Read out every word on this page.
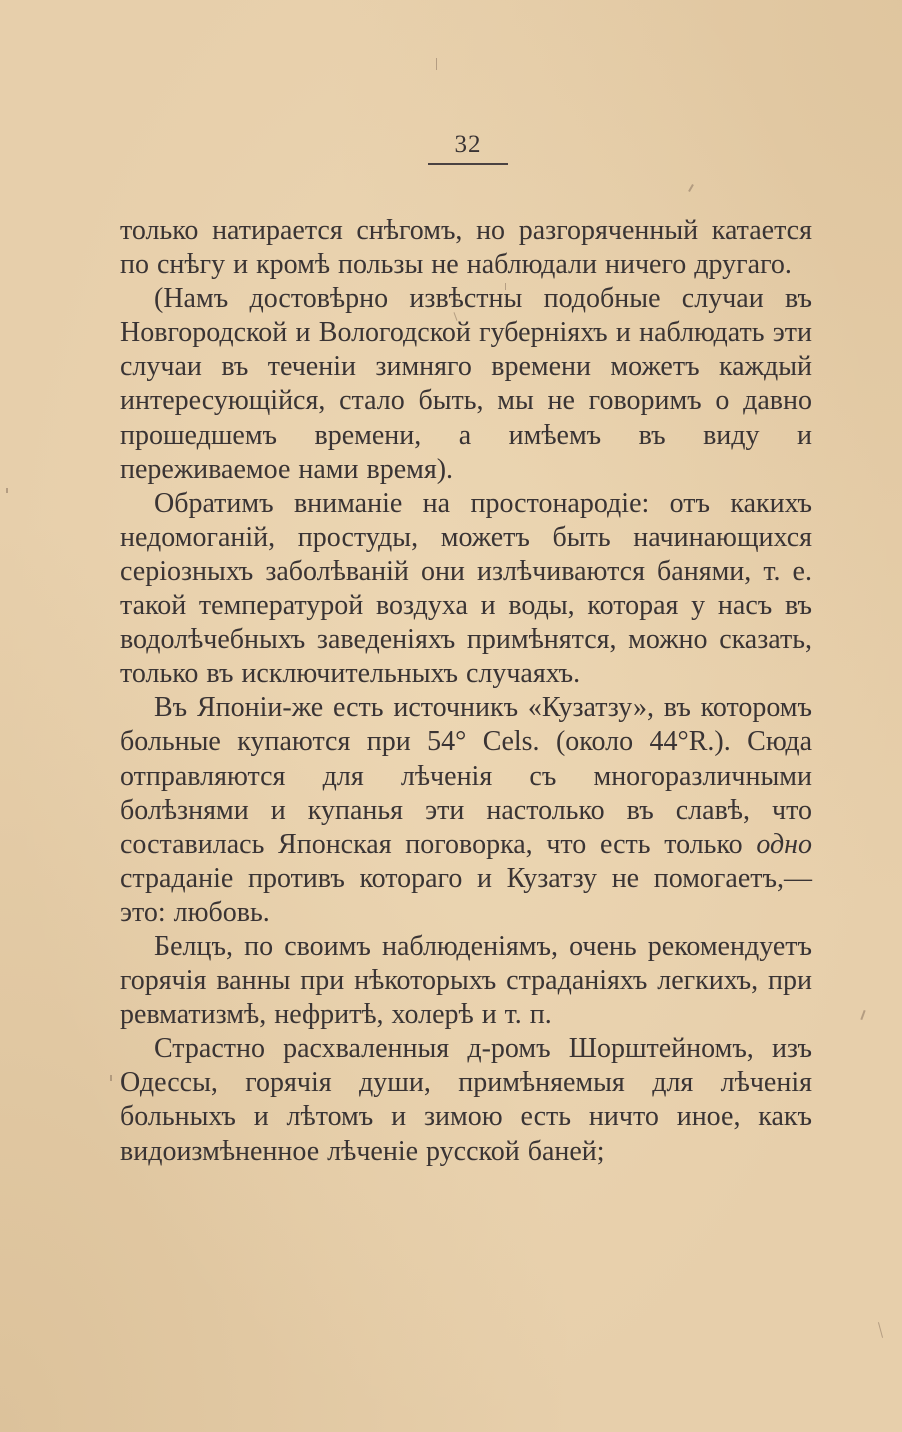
32

только натирается снѣгомъ, но разгоряченный катается по снѣгу и кромѣ пользы не наблюдали ничего другаго.

(Намъ достовѣрно извѣстны подобные случаи въ Новгородской и Вологодской губерніяхъ и наблюдать эти случаи въ теченіи зимняго времени можетъ каждый интересующійся, стало быть, мы не говоримъ о давно прошедшемъ времени, а имѣемъ въ виду и переживаемое нами время).

Обратимъ вниманіе на простонародіе: отъ какихъ недомоганій, простуды, можетъ быть начинающихся серіозныхъ заболѣваній они излѣчиваются банями, т. е. такой температурой воздуха и воды, которая у насъ въ водолѣчебныхъ заведеніяхъ примѣнятся, можно сказать, только въ исключительныхъ случаяхъ.

Въ Японіи-же есть источникъ «Кузатзу», въ которомъ больные купаются при 54° Cels. (около 44°R.). Сюда отправляются для лѣченія съ многоразличными болѣзнями и купанья эти настолько въ славѣ, что составилась Японская поговорка, что есть только одно страданіе противъ котораго и Кузатзу не помогаетъ,—это: любовь.

Белцъ, по своимъ наблюденіямъ, очень рекомендуетъ горячія ванны при нѣкоторыхъ страданіяхъ легкихъ, при ревматизмѣ, нефритѣ, холерѣ и т. п.

Страстно расхваленныя д-ромъ Шорштейномъ, изъ Одессы, горячія души, примѣняемыя для лѣченія больныхъ и лѣтомъ и зимою есть ничто иное, какъ видоизмѣненное лѣченіе русской баней;
